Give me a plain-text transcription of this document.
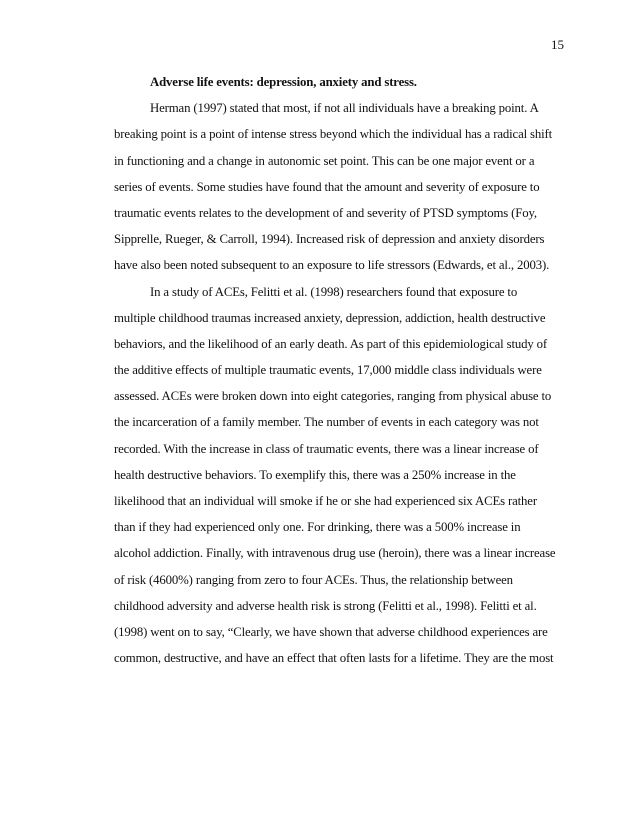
15
Adverse life events: depression, anxiety and stress.
Herman (1997) stated that most, if not all individuals have a breaking point. A
breaking point is a point of intense stress beyond which the individual has a radical shift
in functioning and a change in autonomic set point. This can be one major event or a
series of events. Some studies have found that the amount and severity of exposure to
traumatic events relates to the development of and severity of PTSD symptoms (Foy,
Sipprelle, Rueger, & Carroll, 1994). Increased risk of depression and anxiety disorders
have also been noted subsequent to an exposure to life stressors (Edwards, et al., 2003).
In a study of ACEs, Felitti et al. (1998) researchers found that exposure to
multiple childhood traumas increased anxiety, depression, addiction, health destructive
behaviors, and the likelihood of an early death. As part of this epidemiological study of
the additive effects of multiple traumatic events, 17,000 middle class individuals were
assessed. ACEs were broken down into eight categories, ranging from physical abuse to
the incarceration of a family member. The number of events in each category was not
recorded. With the increase in class of traumatic events, there was a linear increase of
health destructive behaviors. To exemplify this, there was a 250% increase in the
likelihood that an individual will smoke if he or she had experienced six ACEs rather
than if they had experienced only one. For drinking, there was a 500% increase in
alcohol addiction. Finally, with intravenous drug use (heroin), there was a linear increase
of risk (4600%) ranging from zero to four ACEs. Thus, the relationship between
childhood adversity and adverse health risk is strong (Felitti et al., 1998). Felitti et al.
(1998) went on to say, “Clearly, we have shown that adverse childhood experiences are
common, destructive, and have an effect that often lasts for a lifetime. They are the most
